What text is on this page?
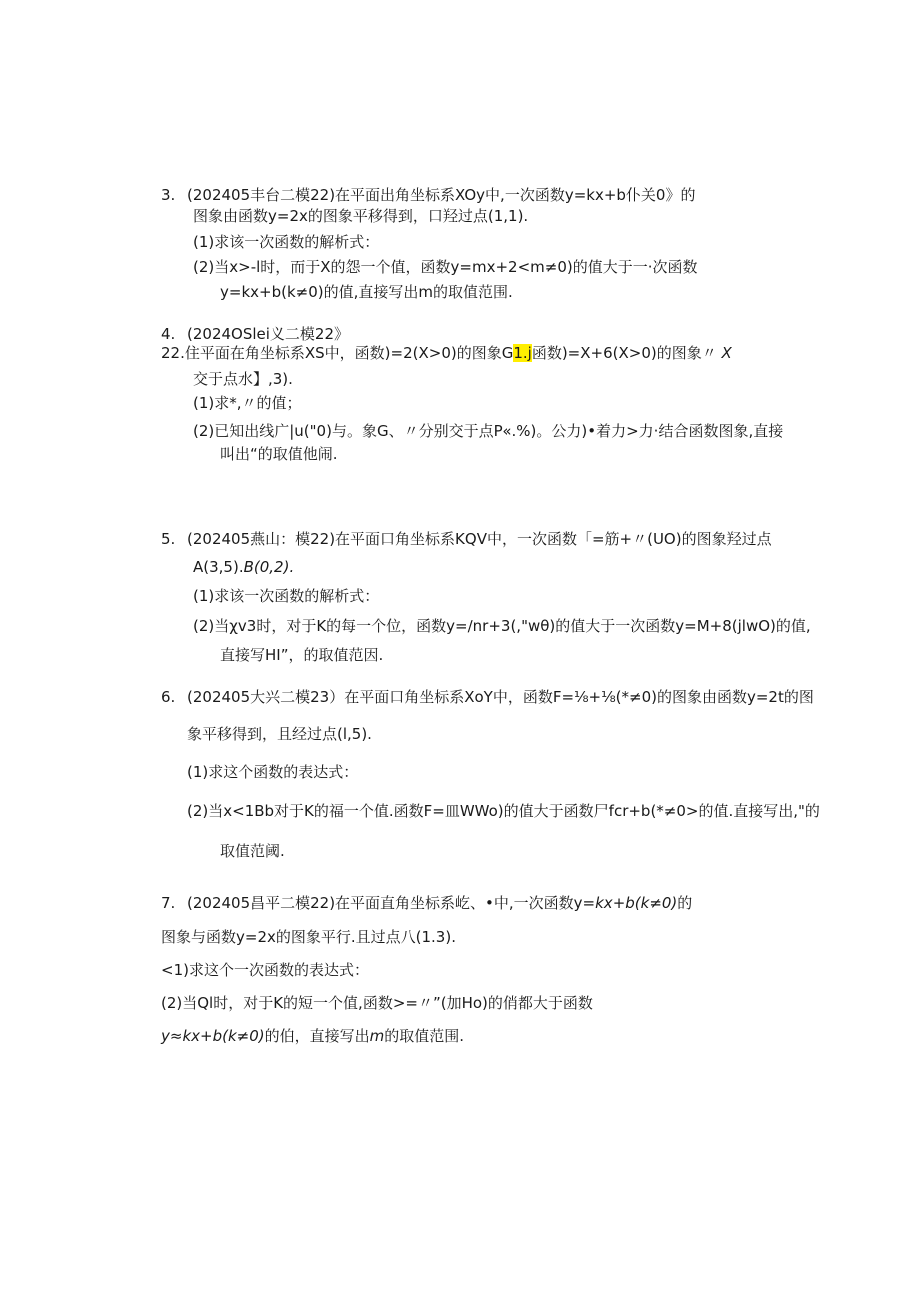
3. (202405丰台二模22)在平面出角坐标系XOy中,一次函数y=kx+b仆关0》的
图象由函数y=2x的图象平移得到，口羟过点(1,1).
(1)求该一次函数的解析式：
(2)当x>-l时，而于X的怨一个值，函数y=mx+2<m≠0)的值大于一·次函数
y=kx+b(k≠0)的值,直接写出m的取值范围.
4. (2024OSlei义二模22》
22.住平面在角坐标系XS中，函数)=2(X>0)的图象G1.j函数)=X+6(X>0)的图象〃 X
交于点水】,3).
(1)求*,〃的值；
(2)已知出线广|u("0)与。象G、〃分别交于点P«.%)。公力)•着力>力·结合函数图象,直接
叫出“的取值他闹.
5. (202405燕山：模22)在平面口角坐标系KQV中，一次函数「=筋+〃(UO)的图象羟过点
A(3,5).B(0,2).
(1)求该一次函数的解析式：
(2)当χv3时，对于K的每一个位，函数y=∕nr+3(,"wθ)的值大于一次函数y=M+8(jlwO)的值,
直接写HI”，的取值范因.
6. (202405大兴二模23）在平面口角坐标系XoY中，函数F=⅛+⅛(*≠0)的图象由函数y=2t的图
象平移得到，且经过点(l,5).
(1)求这个函数的表达式：
(2)当x<1Bb对于K的福一个值.函数F=皿WWo)的值大于函数尸fcr+b(*≠0>的值.直接写出,"的
取值范阈.
7. (202405昌平二模22)在平面直角坐标系屹、•中,一次函数y=kx+b(k≠0)的
图象与函数y=2x的图象平行.且过点八(1.3).
<1)求这个一次函数的表达式：
(2)当Ql时，对于K的短一个值,函数>=〃”(加Ho)的俏都大于函数
y≈kx+b(k≠0)的伯，直接写出m的取值范围.
